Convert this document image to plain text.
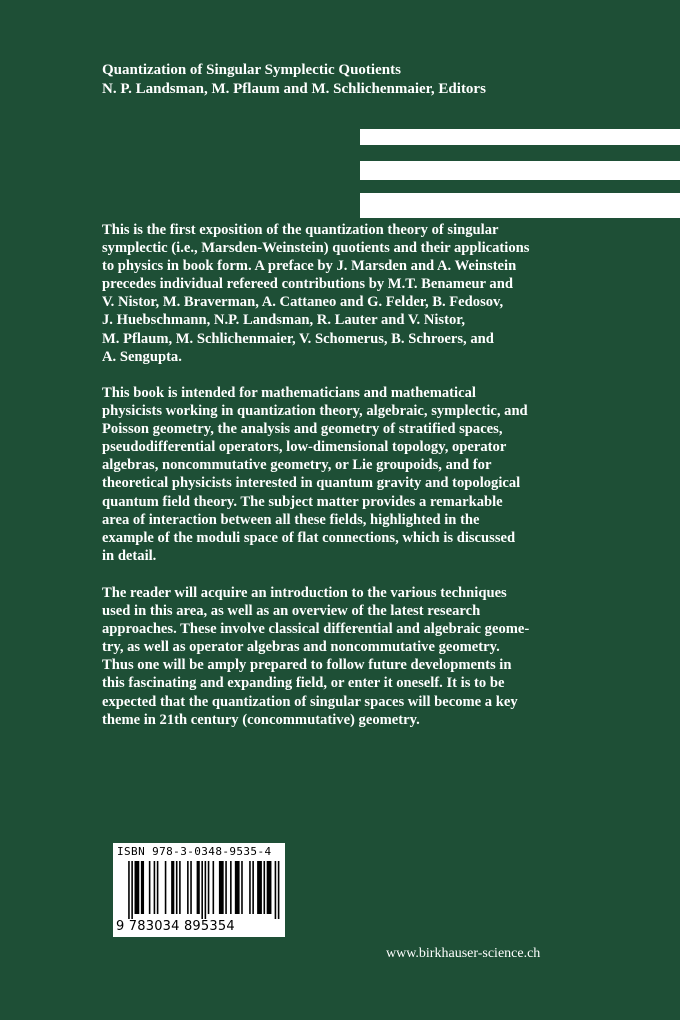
Quantization of Singular Symplectic Quotients
N. P. Landsman, M. Pflaum and M. Schlichenmaier, Editors
This is the first exposition of the quantization theory of singular
symplectic (i.e., Marsden-Weinstein) quotients and their applications
to physics in book form. A preface by J. Marsden and A. Weinstein
precedes individual refereed contributions by M.T. Benameur and
V. Nistor, M. Braverman, A. Cattaneo and G. Felder, B. Fedosov,
J. Huebschmann, N.P. Landsman, R. Lauter and V. Nistor,
M. Pflaum, M. Schlichenmaier, V. Schomerus, B. Schroers, and
A. Sengupta.
This book is intended for mathematicians and mathematical
physicists working in quantization theory, algebraic, symplectic, and
Poisson geometry, the analysis and geometry of stratified spaces,
pseudodifferential operators, low-dimensional topology, operator
algebras, noncommutative geometry, or Lie groupoids, and for
theoretical physicists interested in quantum gravity and topological
quantum field theory. The subject matter provides a remarkable
area of interaction between all these fields, highlighted in the
example of the moduli space of flat connections, which is discussed
in detail.
The reader will acquire an introduction to the various techniques
used in this area, as well as an overview of the latest research
approaches. These involve classical differential and algebraic geome-
try, as well as operator algebras and noncommutative geometry.
Thus one will be amply prepared to follow future developments in
this fascinating and expanding field, or enter it oneself. It is to be
expected that the quantization of singular spaces will become a key
theme in 21th century (concommutative) geometry.
ISBN 978-3-0348-9535-4
9 783034 895354
www.birkhauser-science.ch
